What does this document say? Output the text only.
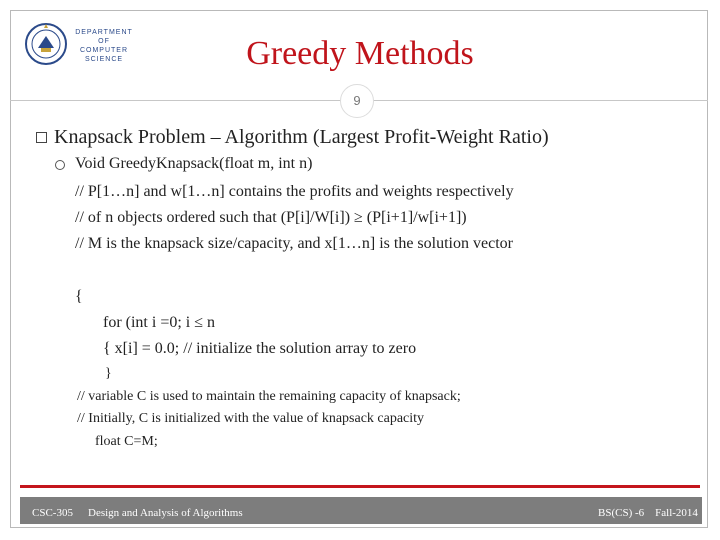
DEPARTMENT OF
COMPUTER
SCIENCE	Greedy Methods
9
Knapsack Problem – Algorithm (Largest Profit-Weight Ratio)
Void GreedyKnapsack(float m, int n)
// P[1…n] and w[1…n] contains the profits and weights respectively
// of n objects ordered such that (P[i]/W[i]) ≥ (P[i+1]/w[i+1])
// M is the knapsack size/capacity, and x[1…n] is the solution vector
{
for (int i =0; i ≤ n
{ x[i] = 0.0; // initialize the solution array to zero
}
// variable C is used to maintain the remaining capacity of knapsack;
// Initially, C is initialized with the value of knapsack capacity
float C=M;
CSC-305 Design and Analysis of Algorithms	BS(CS) -6    Fall-2014
